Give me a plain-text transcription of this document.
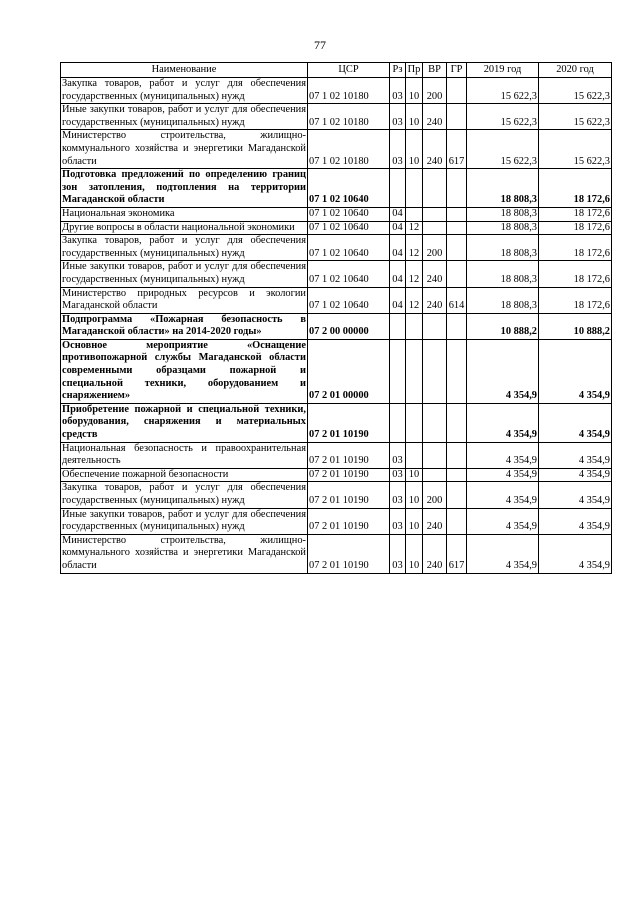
77
Наименование	ЦСР	Рз	Пр	ВР	ГР	2019 год	2020 год
Закупка товаров, работ и услуг для обеспечения государственных (муниципальных) нужд	07 1 02 10180	03	10	200		15 622,3	15 622,3
Иные закупки товаров, работ и услуг для обеспечения государственных (муниципальных) нужд	07 1 02 10180	03	10	240		15 622,3	15 622,3
Министерство строительства, жилищно-коммунального хозяйства и энергетики Магаданской области	07 1 02 10180	03	10	240	617	15 622,3	15 622,3
Подготовка предложений по определению границ зон затопления, подтопления на территории Магаданской области	07 1 02 10640					18 808,3	18 172,6
Национальная экономика	07 1 02 10640	04				18 808,3	18 172,6
Другие вопросы в области национальной экономики	07 1 02 10640	04	12			18 808,3	18 172,6
Закупка товаров, работ и услуг для обеспечения государственных (муниципальных) нужд	07 1 02 10640	04	12	200		18 808,3	18 172,6
Иные закупки товаров, работ и услуг для обеспечения государственных (муниципальных) нужд	07 1 02 10640	04	12	240		18 808,3	18 172,6
Министерство природных ресурсов и экологии Магаданской области	07 1 02 10640	04	12	240	614	18 808,3	18 172,6
Подпрограмма «Пожарная безопасность в Магаданской области» на 2014-2020 годы»	07 2 00 00000					10 888,2	10 888,2
Основное мероприятие «Оснащение противопожарной службы Магаданской области современными образцами пожарной и специальной техники, оборудованием и снаряжением»	07 2 01 00000					4 354,9	4 354,9
Приобретение пожарной и специальной техники, оборудования, снаряжения и материальных средств	07 2 01 10190					4 354,9	4 354,9
Национальная безопасность и правоохранительная деятельность	07 2 01 10190	03				4 354,9	4 354,9
Обеспечение пожарной безопасности	07 2 01 10190	03	10			4 354,9	4 354,9
Закупка товаров, работ и услуг для обеспечения государственных (муниципальных) нужд	07 2 01 10190	03	10	200		4 354,9	4 354,9
Иные закупки товаров, работ и услуг для обеспечения государственных (муниципальных) нужд	07 2 01 10190	03	10	240		4 354,9	4 354,9
Министерство строительства, жилищно-коммунального хозяйства и энергетики Магаданской области	07 2 01 10190	03	10	240	617	4 354,9	4 354,9
